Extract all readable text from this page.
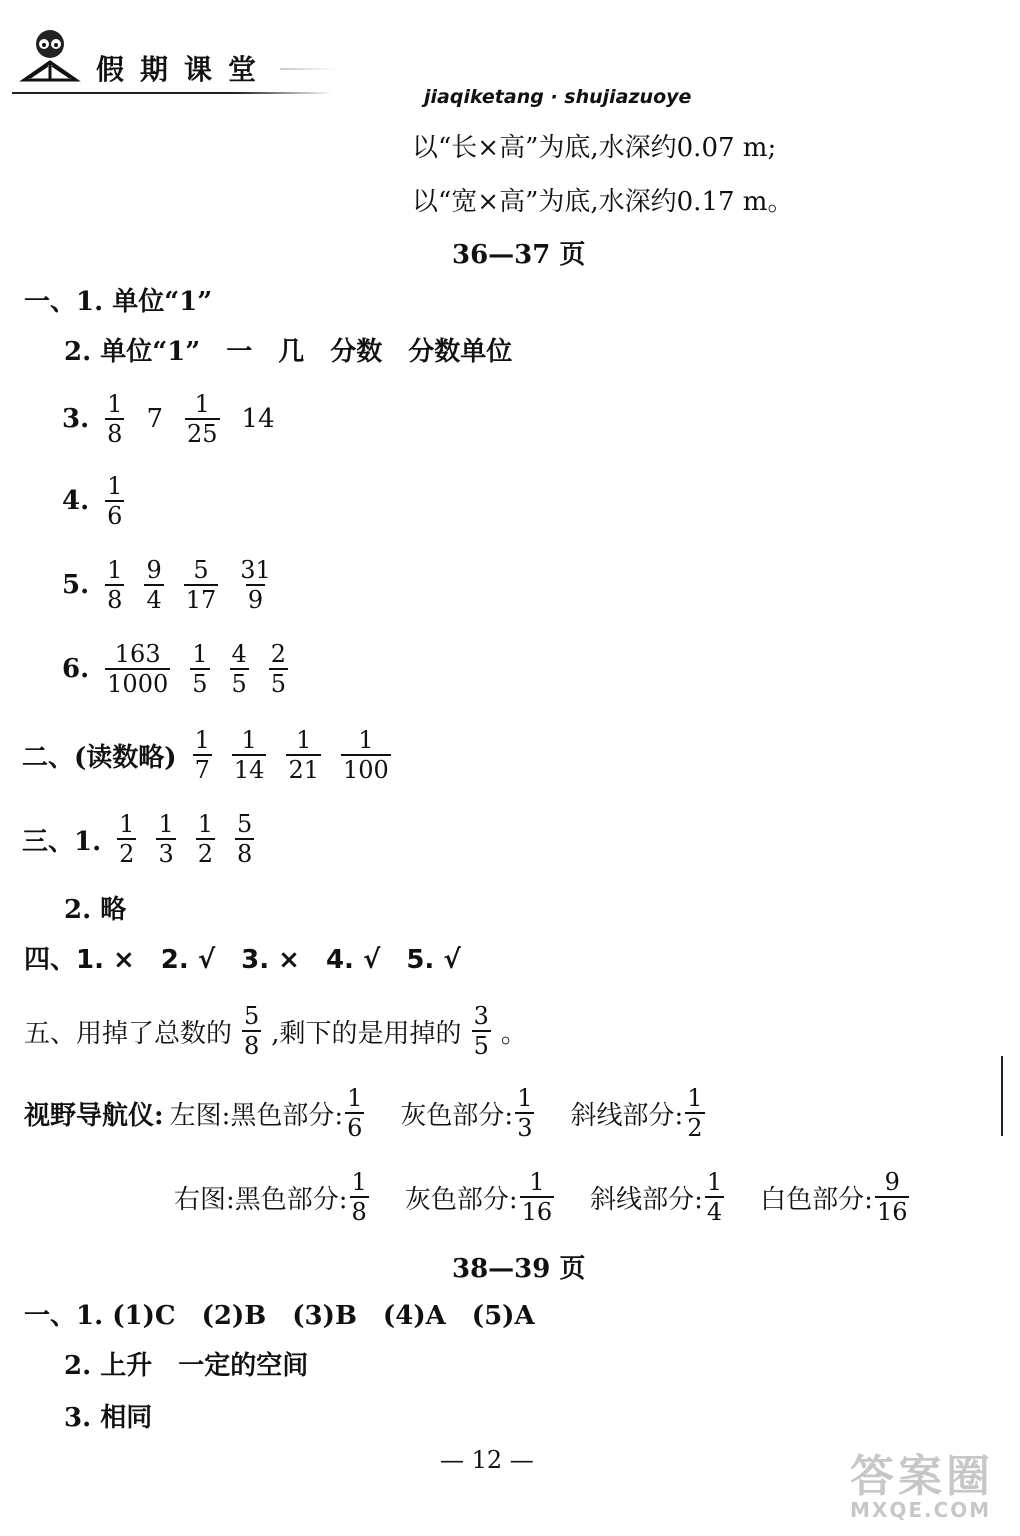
假期课堂
jiaqiketang · shujiazuoye
以“长×高”为底,水深约0.07 m;
以“宽×高”为底,水深约0.17 m。
36—37 页
一、1. 单位“1”
2. 单位“1”　一　几　分数　分数单位
3. $\frac{1}{8} 7 \frac{1}{25} 14$
4. $\frac{1}{6}$
5. $\frac{1}{8} \frac{9}{4} \frac{5}{17} \frac{31}{9}$
6. $\frac{163}{1000} \frac{1}{5} \frac{4}{5} \frac{2}{5}$
二、(读数略) $\frac{1}{7} \frac{1}{14} \frac{1}{21} \frac{1}{100}$
三、1. $\frac{1}{2} \frac{1}{3} \frac{1}{2} \frac{5}{8}$
2. 略
四、1. ×　2. √　3. ×　4. √　5. √
五、用掉了总数的 $\frac{5}{8}$ ,剩下的是用掉的 $\frac{3}{5}$ 。
视野导航仪: 左图:黑色部分: $\frac{1}{6}$ 灰色部分: $\frac{1}{3}$ 斜线部分: $\frac{1}{2}$
右图:黑色部分: $\frac{1}{8}$ 灰色部分: $\frac{1}{16}$ 斜线部分: $\frac{1}{4}$ 白色部分: $\frac{9}{16}$
38—39 页
一、1. (1)C　(2)B　(3)B　(4)A　(5)A
2. 上升　一定的空间
3. 相同
— 12 —	答案圈
MXQE.COM
